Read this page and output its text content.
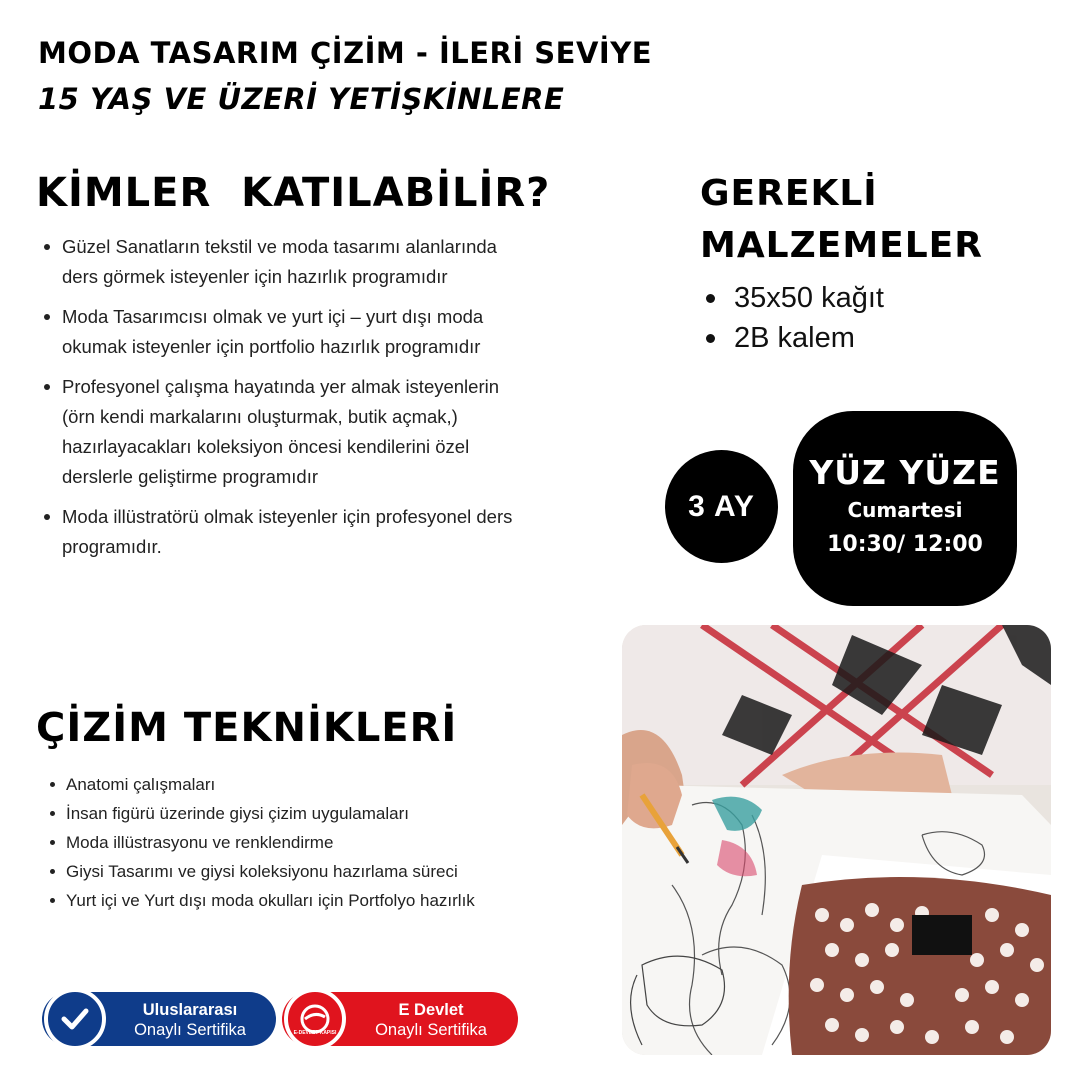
MODA TASARIM ÇİZİM - İLERİ SEVİYE
15 YAŞ VE ÜZERİ YETİŞKİNLERE
KİMLER  KATILABİLİR?
Güzel Sanatların tekstil ve moda tasarımı alanlarında ders görmek isteyenler için hazırlık programıdır
Moda Tasarımcısı olmak ve yurt içi – yurt dışı moda okumak isteyenler için portfolio hazırlık programıdır
Profesyonel çalışma hayatında yer almak isteyenlerin (örn kendi markalarını oluşturmak, butik açmak,) hazırlayacakları koleksiyon öncesi kendilerini özel derslerle geliştirme programıdır
Moda illüstratörü olmak isteyenler için profesyonel ders programıdır.
GEREKLİ MALZEMELER
35x50 kağıt
2B kalem
3 AY
YÜZ YÜZE
Cumartesi
10:30/ 12:00
ÇİZİM TEKNİKLERİ
Anatomi çalışmaları
İnsan figürü üzerinde giysi çizim uygulamaları
Moda illüstrasyonu ve renklendirme
Giysi Tasarımı ve giysi koleksiyonu hazırlama süreci
Yurt içi ve Yurt dışı moda okulları için Portfolyo hazırlık
Uluslararası
Onaylı Sertifika	E-DEVLET KAPISI
E Devlet
Onaylı Sertifika
